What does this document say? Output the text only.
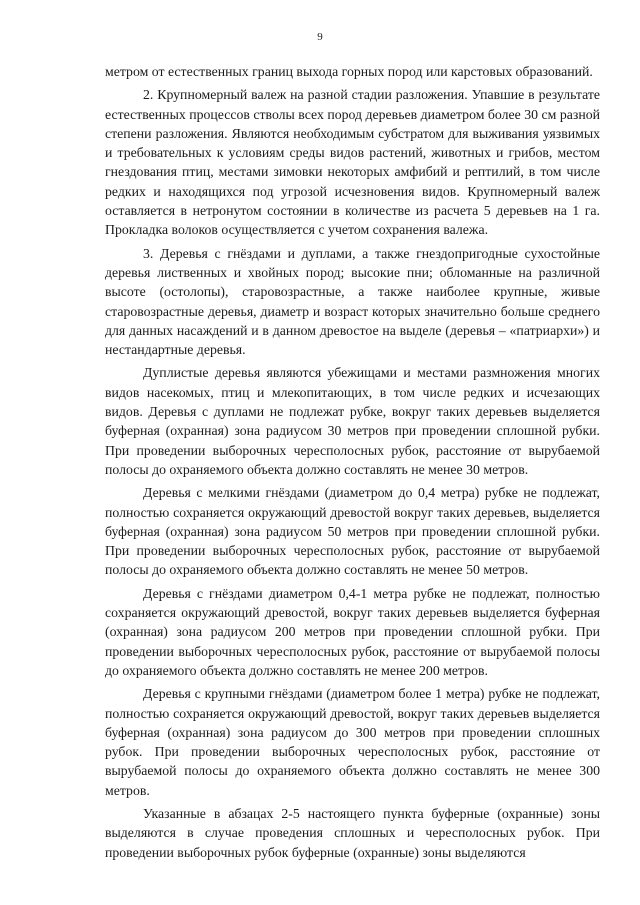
9

метром от естественных границ выхода горных пород или карстовых образований.

2. Крупномерный валеж на разной стадии разложения. Упавшие в результате естественных процессов стволы всех пород деревьев диаметром более 30 см разной степени разложения. Являются необходимым субстратом для выживания уязвимых и требовательных к условиям среды видов растений, животных и грибов, местом гнездования птиц, местами зимовки некоторых амфибий и рептилий, в том числе редких и находящихся под угрозой исчезновения видов. Крупномерный валеж оставляется в нетронутом состоянии в количестве из расчета 5 деревьев на 1 га. Прокладка волоков осуществляется с учетом сохранения валежа.

3. Деревья с гнёздами и дуплами, а также гнездопригодные сухостойные деревья лиственных и хвойных пород; высокие пни; обломанные на различной высоте (остолопы), старовозрастные, а также наиболее крупные, живые старовозрастные деревья, диаметр и возраст которых значительно больше среднего для данных насаждений и в данном древостое на выделе (деревья – «патриархи») и нестандартные деревья.

Дуплистые деревья являются убежищами и местами размножения многих видов насекомых, птиц и млекопитающих, в том числе редких и исчезающих видов. Деревья с дуплами не подлежат рубке, вокруг таких деревьев выделяется буферная (охранная) зона радиусом 30 метров при проведении сплошной рубки. При проведении выборочных чересполосных рубок, расстояние от вырубаемой полосы до охраняемого объекта должно составлять не менее 30 метров.

Деревья с мелкими гнёздами (диаметром до 0,4 метра) рубке не подлежат, полностью сохраняется окружающий древостой вокруг таких деревьев, выделяется буферная (охранная) зона радиусом 50 метров при проведении сплошной рубки. При проведении выборочных чересполосных рубок, расстояние от вырубаемой полосы до охраняемого объекта должно составлять не менее 50 метров.

Деревья с гнёздами диаметром 0,4-1 метра рубке не подлежат, полностью сохраняется окружающий древостой, вокруг таких деревьев выделяется буферная (охранная) зона радиусом 200 метров при проведении сплошной рубки. При проведении выборочных чересполосных рубок, расстояние от вырубаемой полосы до охраняемого объекта должно составлять не менее 200 метров.

Деревья с крупными гнёздами (диаметром более 1 метра) рубке не подлежат, полностью сохраняется окружающий древостой, вокруг таких деревьев выделяется буферная (охранная) зона радиусом до 300 метров при проведении сплошных рубок. При проведении выборочных чересполосных рубок, расстояние от вырубаемой полосы до охраняемого объекта должно составлять не менее 300 метров.

Указанные в абзацах 2-5 настоящего пункта буферные (охранные) зоны выделяются в случае проведения сплошных и чересполосных рубок. При проведении выборочных рубок буферные (охранные) зоны выделяются
